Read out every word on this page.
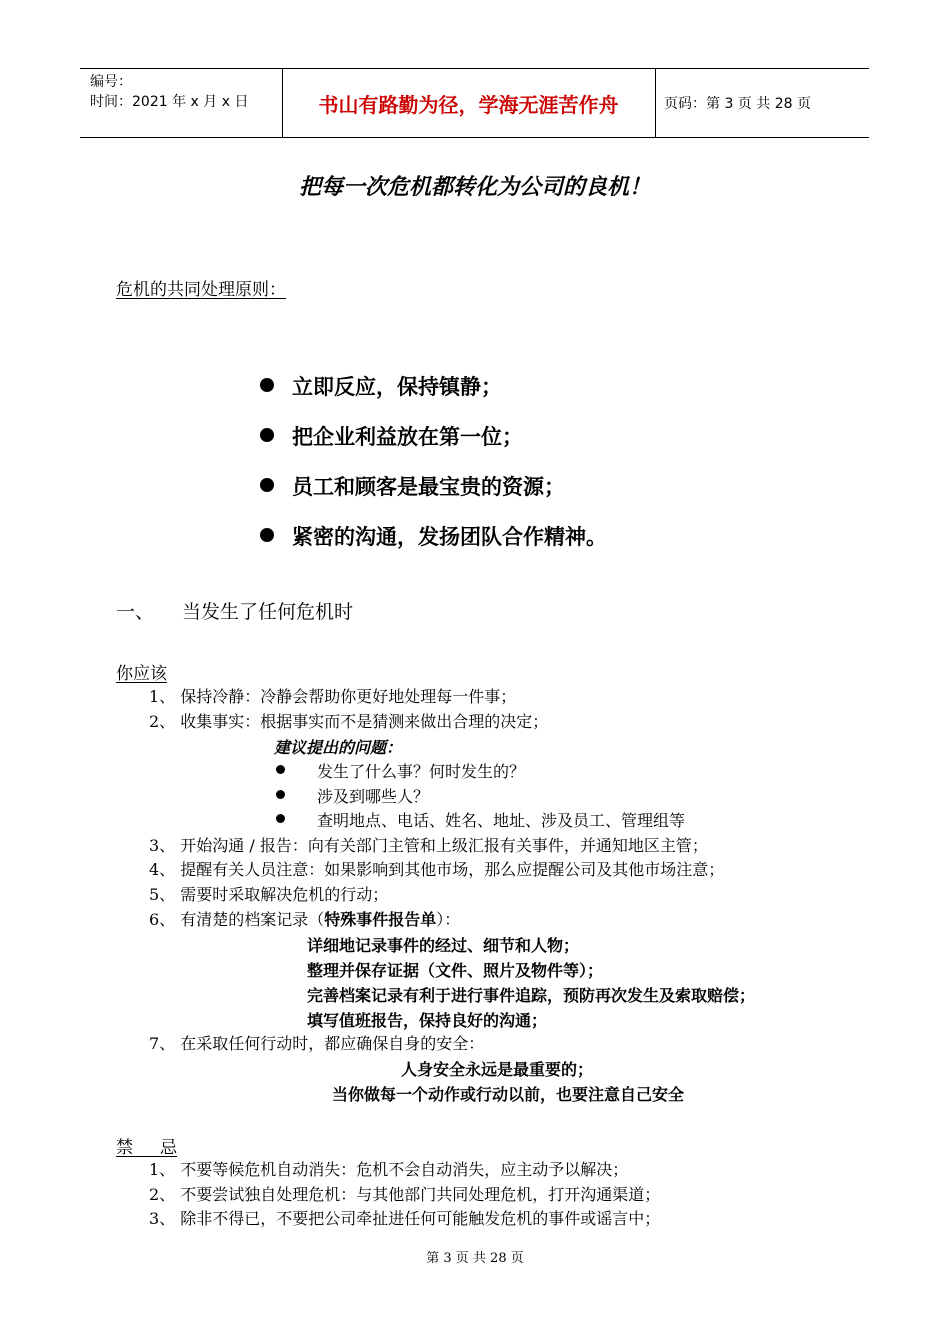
编号：
时间：2021 年 x 月 x 日	书山有路勤为径，学海无涯苦作舟	页码：第 3 页 共 28 页
把每一次危机都转化为公司的良机！
危机的共同处理原则：
立即反应，保持镇静；
把企业利益放在第一位；
员工和顾客是最宝贵的资源；
紧密的沟通，发扬团队合作精神。
一、 当发生了任何危机时
你应该
1、 保持冷静：冷静会帮助你更好地处理每一件事；
2、 收集事实：根据事实而不是猜测来做出合理的决定；
建议提出的问题：
发生了什么事？何时发生的？
涉及到哪些人？
查明地点、电话、姓名、地址、涉及员工、管理组等
3、 开始沟通 / 报告：向有关部门主管和上级汇报有关事件，并通知地区主管；
4、 提醒有关人员注意：如果影响到其他市场，那么应提醒公司及其他市场注意；
5、 需要时采取解决危机的行动；
6、 有清楚的档案记录（特殊事件报告单）：
详细地记录事件的经过、细节和人物；
整理并保存证据（文件、照片及物件等）；
完善档案记录有利于进行事件追踪，预防再次发生及索取赔偿；
填写值班报告，保持良好的沟通；
7、 在采取任何行动时，都应确保自身的安全：
人身安全永远是最重要的；
当你做每一个动作或行动以前，也要注意自己安全
禁     忌
1、 不要等候危机自动消失：危机不会自动消失，应主动予以解决；
2、 不要尝试独自处理危机：与其他部门共同处理危机，打开沟通渠道；
3、 除非不得已，不要把公司牵扯进任何可能触发危机的事件或谣言中；
第 3 页 共 28 页
